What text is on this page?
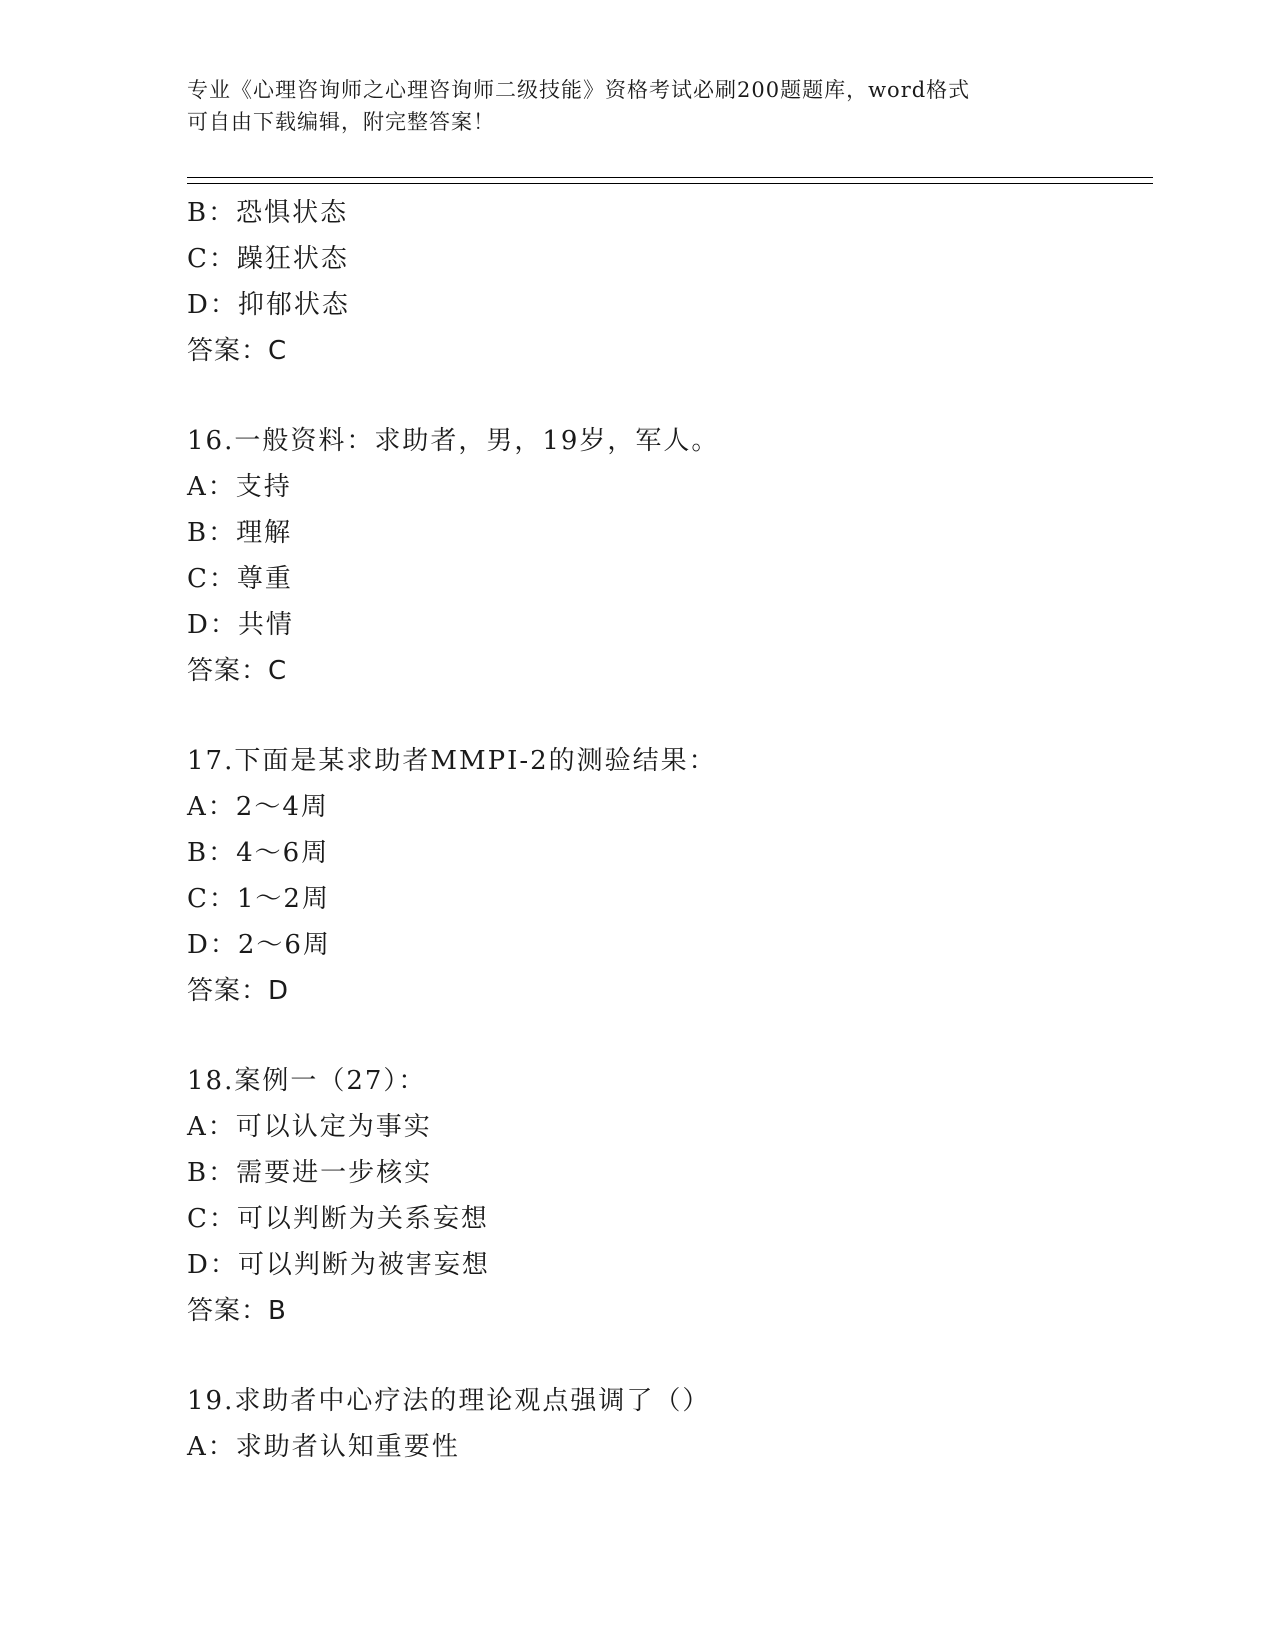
专业《心理咨询师之心理咨询师二级技能》资格考试必刷200题题库，word格式
可自由下载编辑，附完整答案！
B：恐惧状态
C：躁狂状态
D：抑郁状态
答案：C
16.一般资料：求助者，男，19岁，军人。
A：支持
B：理解
C：尊重
D：共情
答案：C
17.下面是某求助者MMPI-2的测验结果：
A：2～4周
B：4～6周
C：1～2周
D：2～6周
答案：D
18.案例一（27）：
A：可以认定为事实
B：需要进一步核实
C：可以判断为关系妄想
D：可以判断为被害妄想
答案：B
19.求助者中心疗法的理论观点强调了（）
A：求助者认知重要性
